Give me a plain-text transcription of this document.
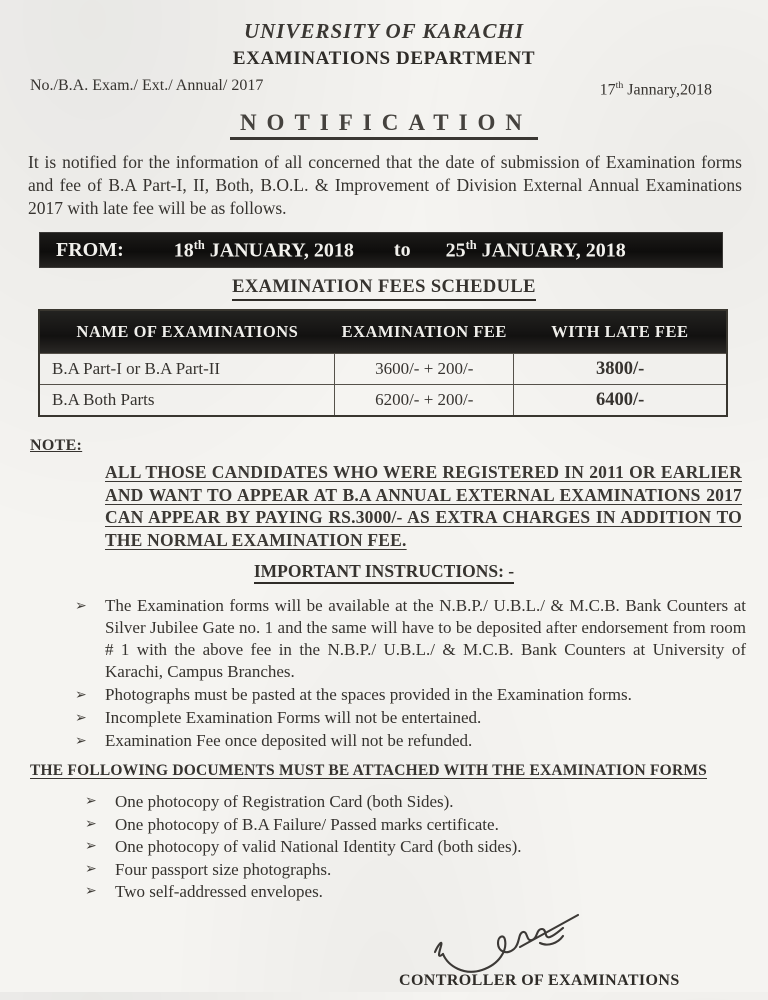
UNIVERSITY OF KARACHI
EXAMINATIONS DEPARTMENT
No./B.A. Exam./ Ext./ Annual/ 2017	17th Jannary,2018
NOTIFICATION

It is notified for the information of all concerned that the date of submission of Examination forms and fee of B.A Part-I, II, Both, B.O.L. & Improvement of Division External Annual Examinations 2017 with late fee will be as follows.

FROM:	18th JANUARY, 2018 to 25th JANUARY, 2018
EXAMINATION FEES SCHEDULE
NAME OF EXAMINATIONS	EXAMINATION FEE	WITH LATE FEE
B.A Part-I or B.A Part-II	3600/- + 200/-	3800/-
B.A Both Parts	6200/- + 200/-	6400/-
NOTE:
ALL THOSE CANDIDATES WHO WERE REGISTERED IN 2011 OR EARLIER AND WANT TO APPEAR AT B.A ANNUAL EXTERNAL EXAMINATIONS 2017 CAN APPEAR BY PAYING RS.3000/- AS EXTRA CHARGES IN ADDITION TO THE NORMAL EXAMINATION FEE.
IMPORTANT INSTRUCTIONS: -
➢	The Examination forms will be available at the N.B.P./ U.B.L./ & M.C.B. Bank Counters at Silver Jubilee Gate no. 1 and the same will have to be deposited after endorsement from room # 1 with the above fee in the N.B.P./ U.B.L./ & M.C.B. Bank Counters at University of Karachi, Campus Branches.
➢	Photographs must be pasted at the spaces provided in the Examination forms.
➢	Incomplete Examination Forms will not be entertained.
➢	Examination Fee once deposited will not be refunded.
THE FOLLOWING DOCUMENTS MUST BE ATTACHED WITH THE EXAMINATION FORMS
➢	One photocopy of Registration Card (both Sides).
➢	One photocopy of B.A Failure/ Passed marks certificate.
➢	One photocopy of valid National Identity Card (both sides).
➢	Four passport size photographs.
➢	Two self-addressed envelopes.
CONTROLLER OF EXAMINATIONS
